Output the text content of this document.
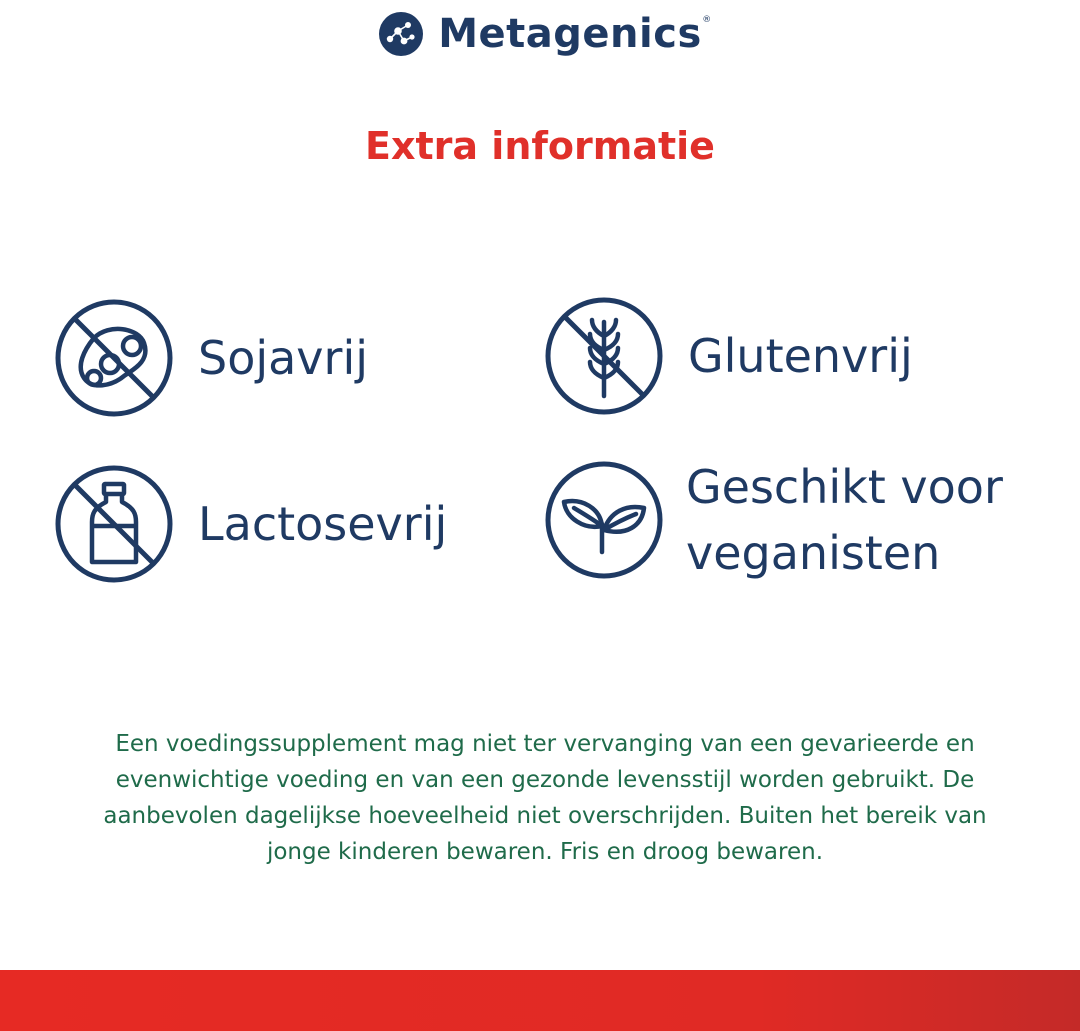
Metagenics ®
Extra informatie
Sojavrij	Glutenvrij
Lactosevrij
Geschikt voor
veganisten
Een voedingssupplement mag niet ter vervanging van een gevarieerde en evenwichtige voeding en van een gezonde levensstijl worden gebruikt. De aanbevolen dagelijkse hoeveelheid niet overschrijden. Buiten het bereik van jonge kinderen bewaren. Fris en droog bewaren.
